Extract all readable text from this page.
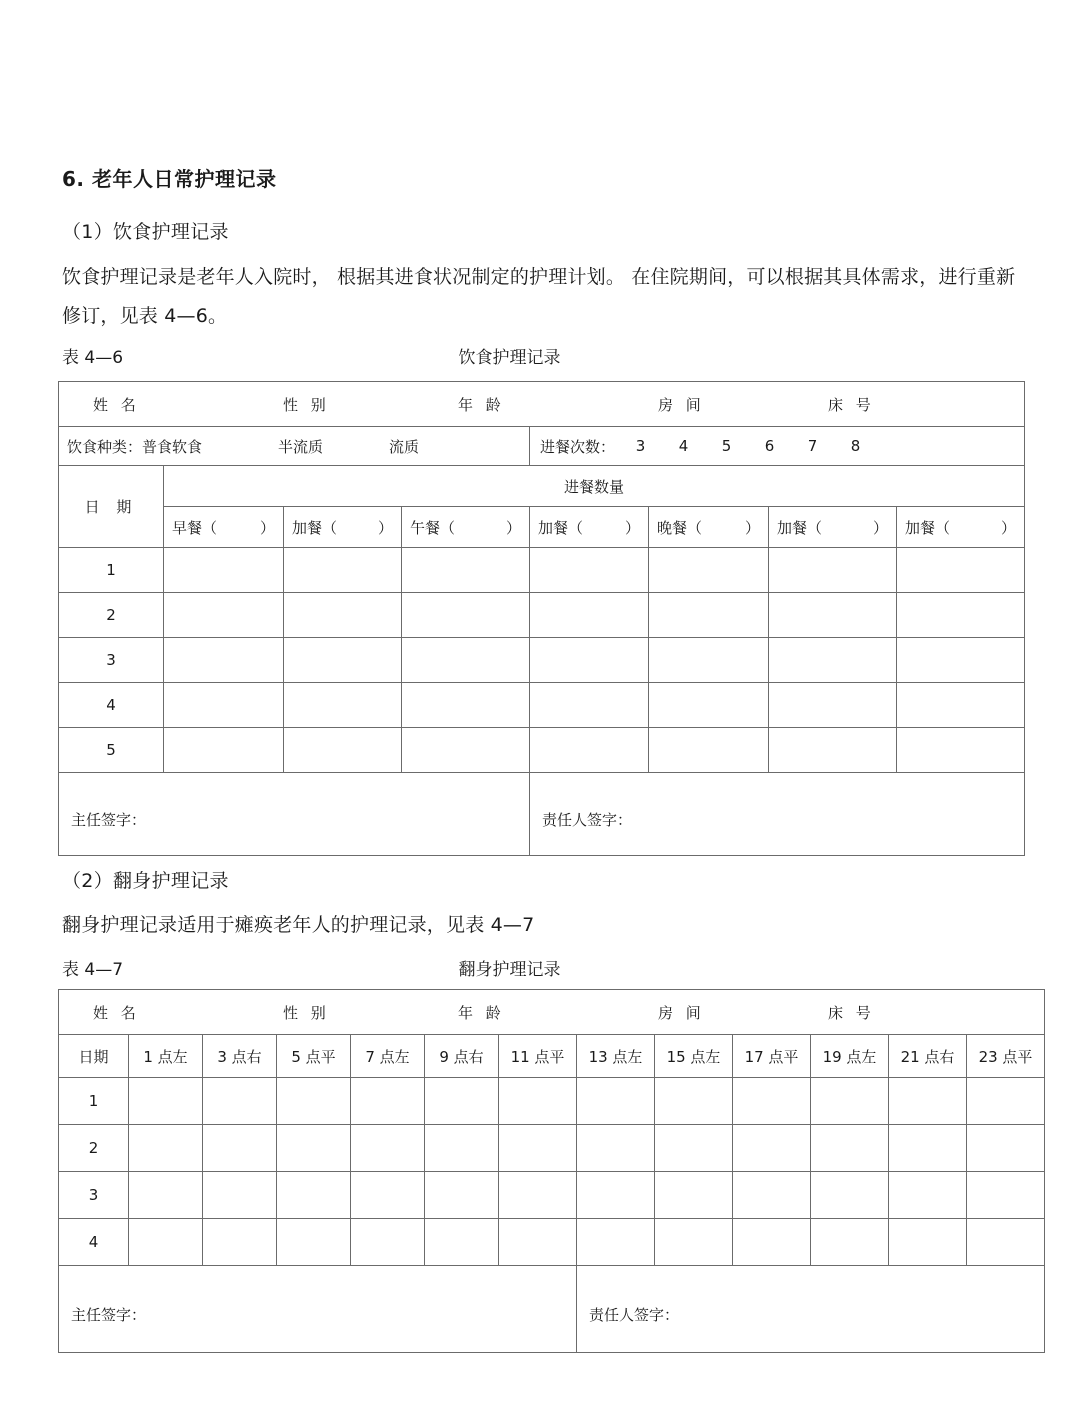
6. 老年人日常护理记录
（1）饮食护理记录
饮食护理记录是老年人入院时， 根据其进食状况制定的护理计划。 在住院期间，可以根据其具体需求，进行重新修订，见表 4—6。
表 4—6	饮食护理记录
姓 名 性 别 年 龄 房 间 床 号							

饮食种类：普食软食	半流质	流质	进餐次数：	3	4	5	6	7	8

日 期	进餐数量						

	早餐（ ）	加餐（ ）	午餐（ ）	加餐（ ）	晚餐（ ）	加餐（ ）	加餐（ ）

1							
2							
3							
4							
5							

主任签字：				责任人签字：			
（2）翻身护理记录
翻身护理记录适用于瘫痪老年人的护理记录，见表 4—7
表 4—7	翻身护理记录
姓 名 性 别 年 龄 房 间 床 号												

日期	1 点左	3 点右	5 点平	7 点左	9 点右	11 点平	13 点左	15 点左	17 点平	19 点左	21 点右	23 点平
1												
2												
3												
4												

主任签字：							责任人签字：					
